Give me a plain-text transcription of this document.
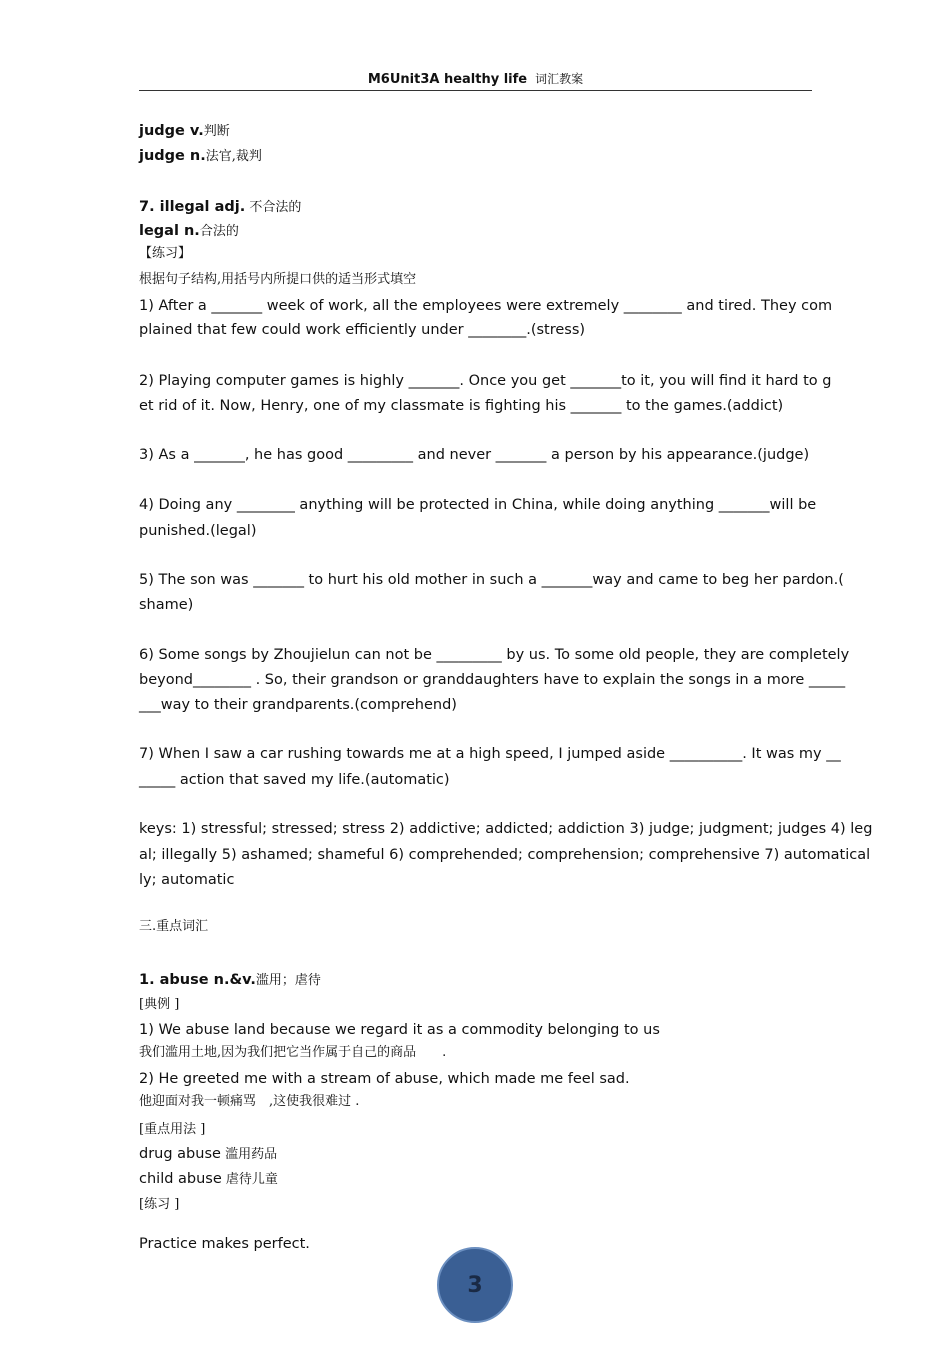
M6Unit3A healthy life 词汇教案
judge v.判断
judge n.法官,裁判
7. illegal adj. 不合法的
legal n.合法的
【练习】
根据句子结构,用括号内所提口供的适当形式填空
1) After a _______ week of work, all the employees were extremely ________ and tired. They com
plained that few could work efficiently under ________.(stress)
2) Playing computer games is highly _______. Once you get _______to it, you will find it hard to g
et rid of it. Now, Henry, one of my classmate is fighting his _______ to the games.(addict)
3) As a _______, he has good _________ and never _______ a person by his appearance.(judge)
4) Doing any ________ anything will be protected in China, while doing anything _______will be
punished.(legal)
5) The son was _______ to hurt his old mother in such a _______way and came to beg her pardon.(
shame)
6) Some songs by Zhoujielun can not be _________ by us. To some old people, they are completely
beyond________ . So, their grandson or granddaughters have to explain the songs in a more _____
___way to their grandparents.(comprehend)
7) When I saw a car rushing towards me at a high speed, I jumped aside __________. It was my __
_____ action that saved my life.(automatic)
keys: 1) stressful; stressed; stress 2) addictive; addicted; addiction 3) judge; judgment; judges 4) leg
al; illegally 5) ashamed; shameful 6) comprehended; comprehension; comprehensive 7) automatical
ly; automatic
三.重点词汇
1. abuse n.&v.滥用；虐待
[典例 ]
1) We abuse land because we regard it as a commodity belonging to us
我们滥用土地,因为我们把它当作属于自己的商品　　.
2) He greeted me with a stream of abuse, which made me feel sad.
他迎面对我一顿痛骂　,这使我很难过 .
[重点用法 ]
drug abuse 滥用药品
child abuse 虐待儿童
[练习 ]
Practice makes perfect.
3
